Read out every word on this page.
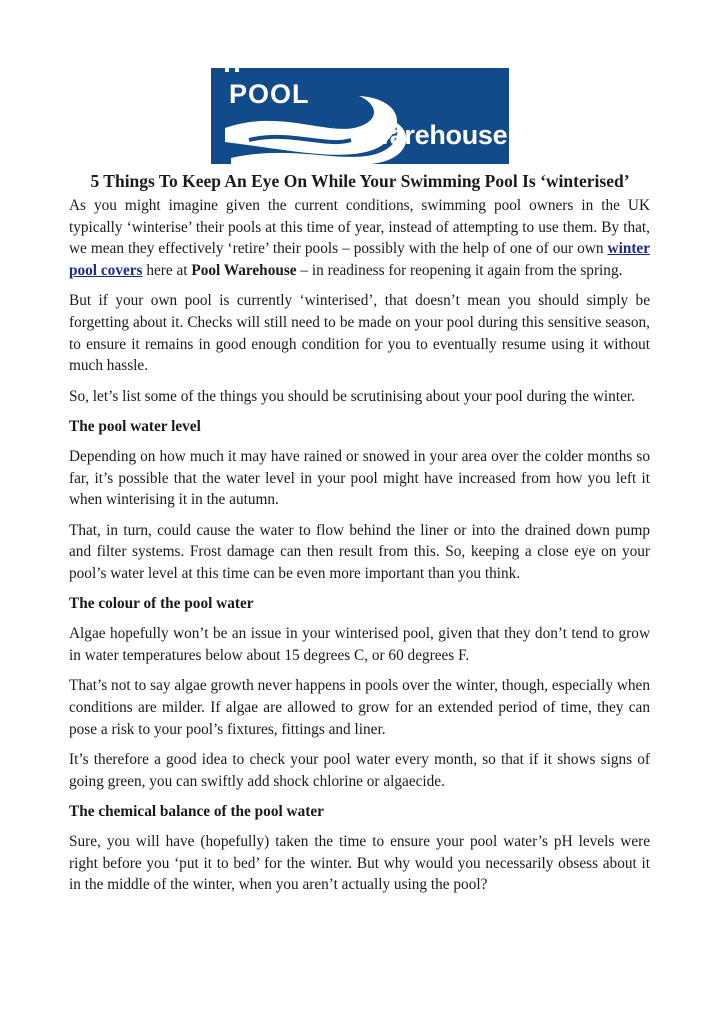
POOL
warehouse
5 Things To Keep An Eye On While Your Swimming Pool Is ‘winterised’

As you might imagine given the current conditions, swimming pool owners in the UK typically ‘winterise’ their pools at this time of year, instead of attempting to use them. By that, we mean they effectively ‘retire’ their pools – possibly with the help of one of our own winter pool covers here at Pool Warehouse – in readiness for reopening it again from the spring.

But if your own pool is currently ‘winterised’, that doesn’t mean you should simply be forgetting about it. Checks will still need to be made on your pool during this sensitive season, to ensure it remains in good enough condition for you to eventually resume using it without much hassle.

So, let’s list some of the things you should be scrutinising about your pool during the winter.

The pool water level

Depending on how much it may have rained or snowed in your area over the colder months so far, it’s possible that the water level in your pool might have increased from how you left it when winterising it in the autumn.

That, in turn, could cause the water to flow behind the liner or into the drained down pump and filter systems. Frost damage can then result from this. So, keeping a close eye on your pool’s water level at this time can be even more important than you think.

The colour of the pool water

Algae hopefully won’t be an issue in your winterised pool, given that they don’t tend to grow in water temperatures below about 15 degrees C, or 60 degrees F.

That’s not to say algae growth never happens in pools over the winter, though, especially when conditions are milder. If algae are allowed to grow for an extended period of time, they can pose a risk to your pool’s fixtures, fittings and liner.

It’s therefore a good idea to check your pool water every month, so that if it shows signs of going green, you can swiftly add shock chlorine or algaecide.

The chemical balance of the pool water

Sure, you will have (hopefully) taken the time to ensure your pool water’s pH levels were right before you ‘put it to bed’ for the winter. But why would you necessarily obsess about it in the middle of the winter, when you aren’t actually using the pool?
